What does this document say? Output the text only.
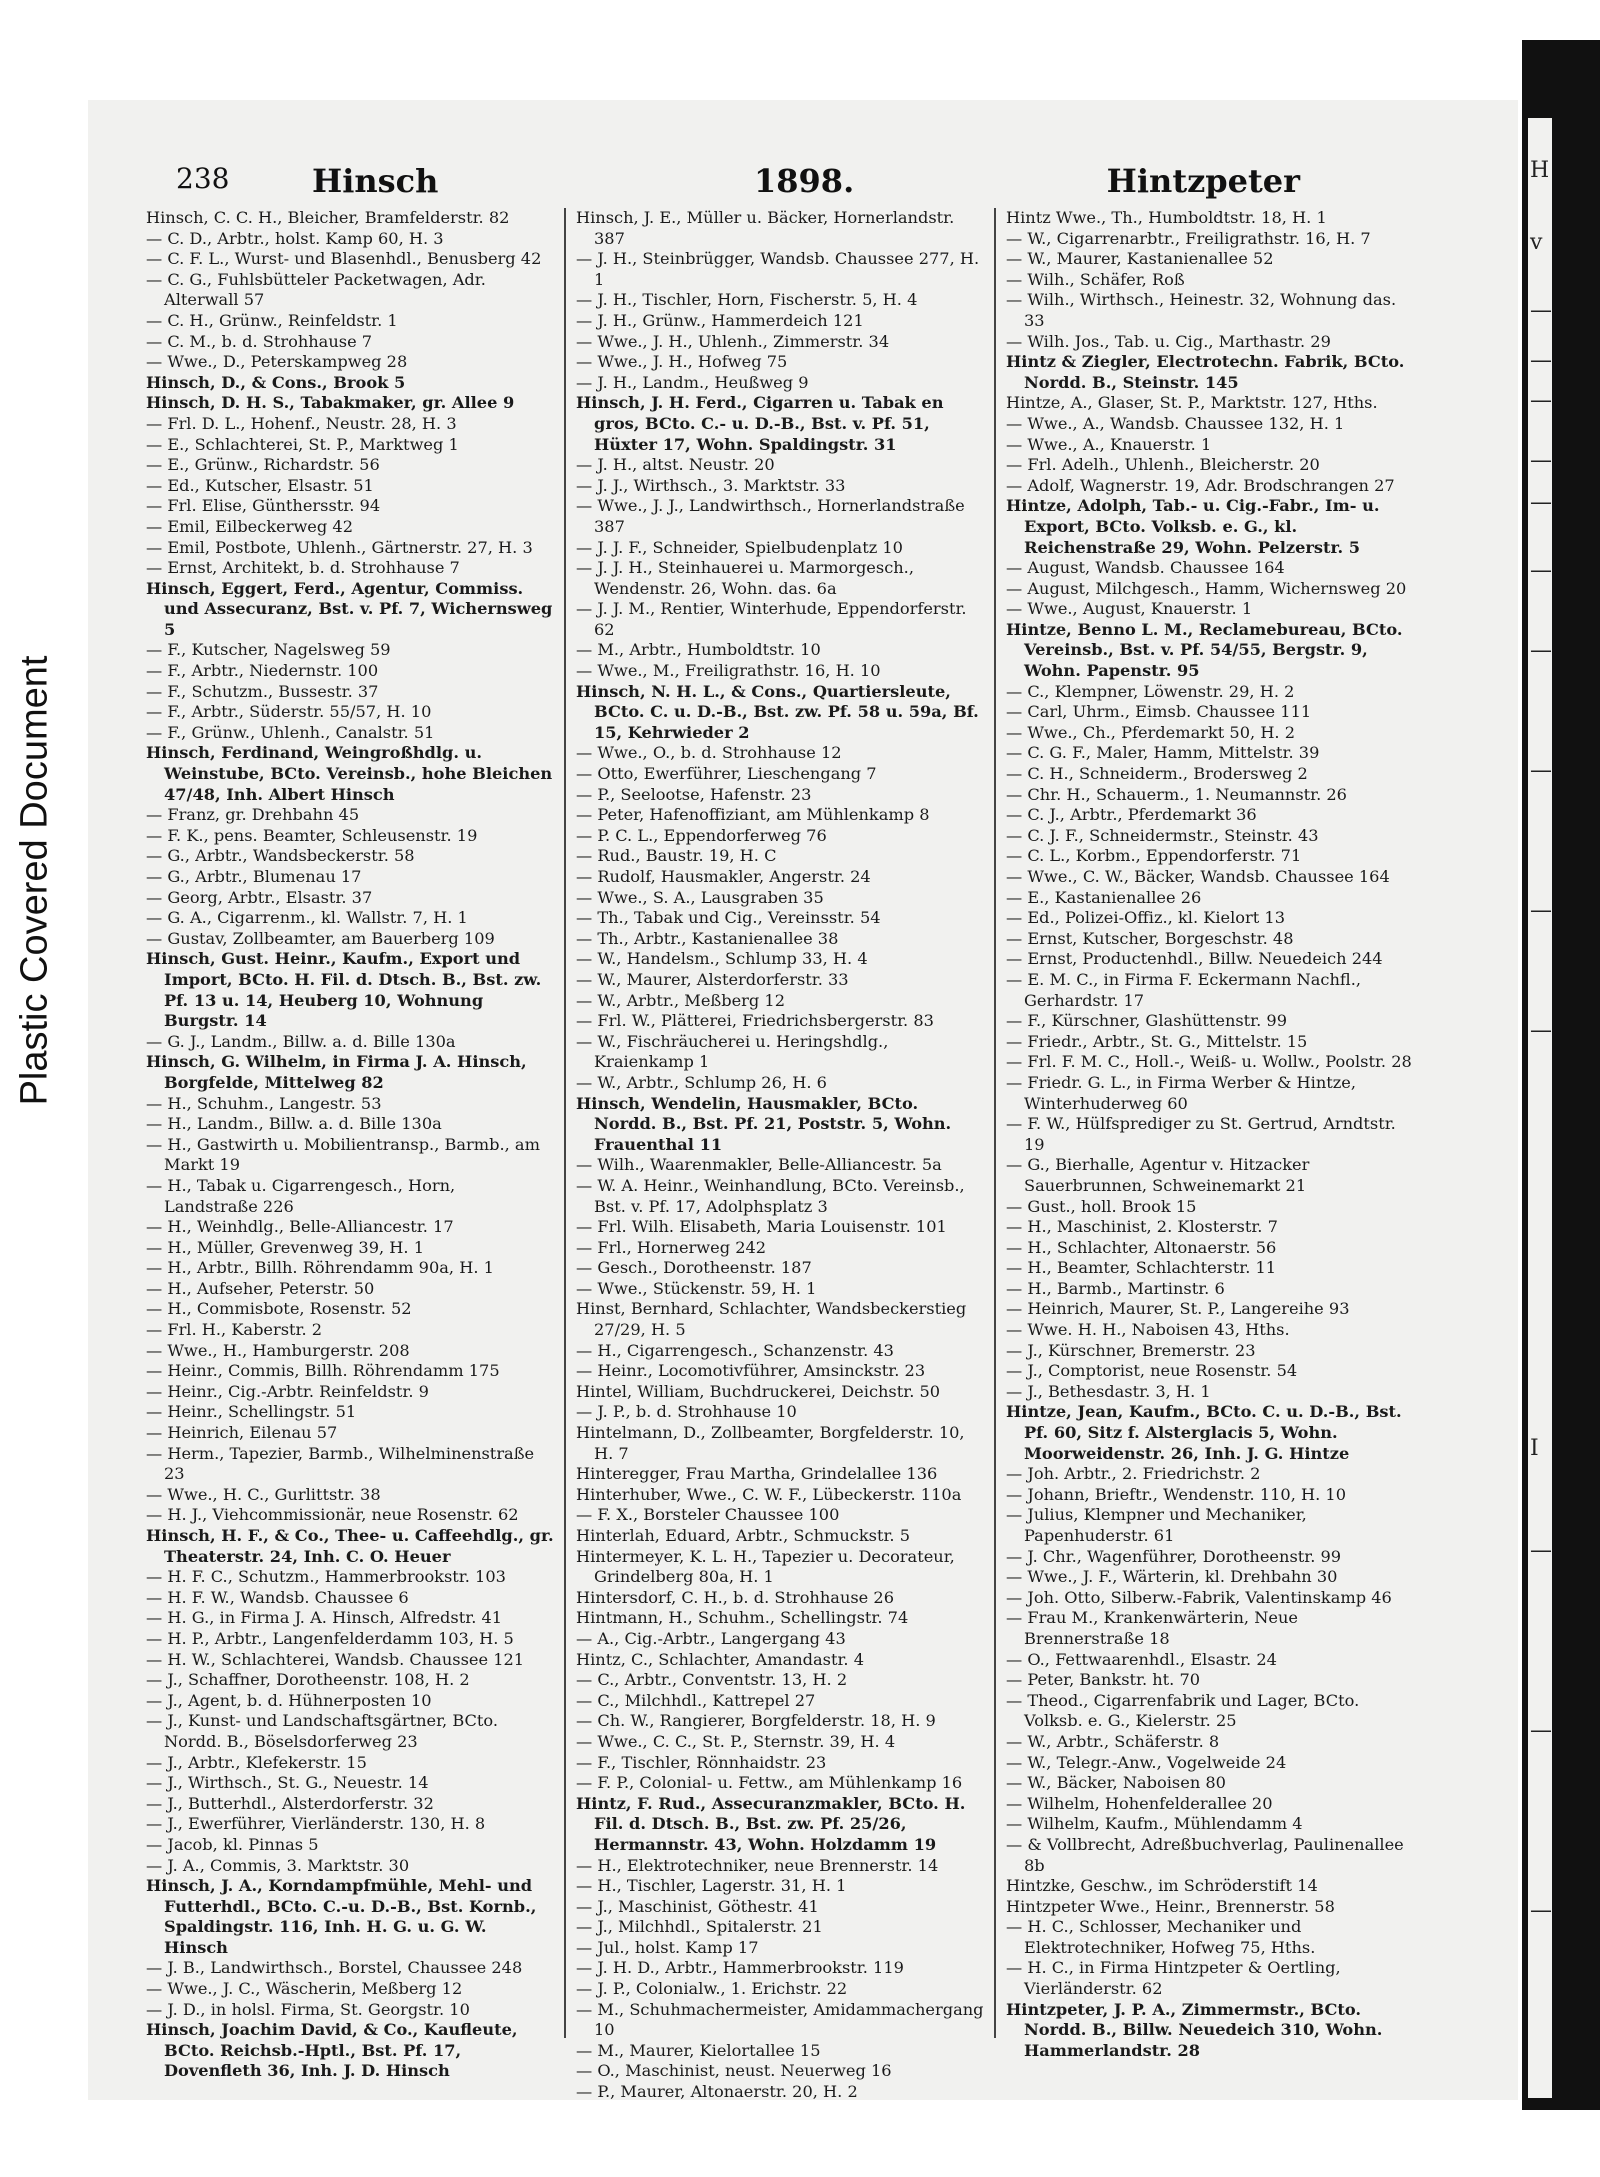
Plastic Covered Document
H
v
—
—
—
—
—
—
—
—
—
—
I
—
—
—
238	Hinsch	1898.	Hintzpeter
Hinsch, C. C. H., Bleicher, Bramfelderstr. 82
— C. D., Arbtr., holst. Kamp 60, H. 3
— C. F. L., Wurst- und Blasenhdl., Benusberg 42
— C. G., Fuhlsbütteler Packetwagen, Adr. Alterwall 57
— C. H., Grünw., Reinfeldstr. 1
— C. M., b. d. Strohhause 7
— Wwe., D., Peterskampweg 28
Hinsch, D., & Cons., Brook 5
Hinsch, D. H. S., Tabakmaker, gr. Allee 9
— Frl. D. L., Hohenf., Neustr. 28, H. 3
— E., Schlachterei, St. P., Marktweg 1
— E., Grünw., Richardstr. 56
— Ed., Kutscher, Elsastr. 51
— Frl. Elise, Günthersstr. 94
— Emil, Eilbeckerweg 42
— Emil, Postbote, Uhlenh., Gärtnerstr. 27, H. 3
— Ernst, Architekt, b. d. Strohhause 7
Hinsch, Eggert, Ferd., Agentur, Commiss. und Assecuranz, Bst. v. Pf. 7, Wichernsweg 5
— F., Kutscher, Nagelsweg 59
— F., Arbtr., Niedernstr. 100
— F., Schutzm., Bussestr. 37
— F., Arbtr., Süderstr. 55/57, H. 10
— F., Grünw., Uhlenh., Canalstr. 51
Hinsch, Ferdinand, Weingroßhdlg. u. Weinstube, BCto. Vereinsb., hohe Bleichen 47/48, Inh. Albert Hinsch
— Franz, gr. Drehbahn 45
— F. K., pens. Beamter, Schleusenstr. 19
— G., Arbtr., Wandsbeckerstr. 58
— G., Arbtr., Blumenau 17
— Georg, Arbtr., Elsastr. 37
— G. A., Cigarrenm., kl. Wallstr. 7, H. 1
— Gustav, Zollbeamter, am Bauerberg 109
Hinsch, Gust. Heinr., Kaufm., Export und Import, BCto. H. Fil. d. Dtsch. B., Bst. zw. Pf. 13 u. 14, Heuberg 10, Wohnung Burgstr. 14
— G. J., Landm., Billw. a. d. Bille 130a
Hinsch, G. Wilhelm, in Firma J. A. Hinsch, Borgfelde, Mittelweg 82
— H., Schuhm., Langestr. 53
— H., Landm., Billw. a. d. Bille 130a
— H., Gastwirth u. Mobilientransp., Barmb., am Markt 19
— H., Tabak u. Cigarrengesch., Horn, Landstraße 226
— H., Weinhdlg., Belle-Alliancestr. 17
— H., Müller, Grevenweg 39, H. 1
— H., Arbtr., Billh. Röhrendamm 90a, H. 1
— H., Aufseher, Peterstr. 50
— H., Commisbote, Rosenstr. 52
— Frl. H., Kaberstr. 2
— Wwe., H., Hamburgerstr. 208
— Heinr., Commis, Billh. Röhrendamm 175
— Heinr., Cig.-Arbtr. Reinfeldstr. 9
— Heinr., Schellingstr. 51
— Heinrich, Eilenau 57
— Herm., Tapezier, Barmb., Wilhelminenstraße 23
— Wwe., H. C., Gurlittstr. 38
— H. J., Viehcommissionär, neue Rosenstr. 62
Hinsch, H. F., & Co., Thee- u. Caffeehdlg., gr. Theaterstr. 24, Inh. C. O. Heuer
— H. F. C., Schutzm., Hammerbrookstr. 103
— H. F. W., Wandsb. Chaussee 6
— H. G., in Firma J. A. Hinsch, Alfredstr. 41
— H. P., Arbtr., Langenfelderdamm 103, H. 5
— H. W., Schlachterei, Wandsb. Chaussee 121
— J., Schaffner, Dorotheenstr. 108, H. 2
— J., Agent, b. d. Hühnerposten 10
— J., Kunst- und Landschaftsgärtner, BCto. Nordd. B., Böselsdorferweg 23
— J., Arbtr., Klefekerstr. 15
— J., Wirthsch., St. G., Neuestr. 14
— J., Butterhdl., Alsterdorferstr. 32
— J., Ewerführer, Vierländerstr. 130, H. 8
— Jacob, kl. Pinnas 5
— J. A., Commis, 3. Marktstr. 30
Hinsch, J. A., Korndampfmühle, Mehl- und Futterhdl., BCto. C.-u. D.-B., Bst. Kornb., Spaldingstr. 116, Inh. H. G. u. G. W. Hinsch
— J. B., Landwirthsch., Borstel, Chaussee 248
— Wwe., J. C., Wäscherin, Meßberg 12
— J. D., in holsl. Firma, St. Georgstr. 10
Hinsch, Joachim David, & Co., Kaufleute, BCto. Reichsb.-Hptl., Bst. Pf. 17, Dovenfleth 36, Inh. J. D. Hinsch
Hinsch, J. E., Müller u. Bäcker, Hornerlandstr. 387
— J. H., Steinbrügger, Wandsb. Chaussee 277, H. 1
— J. H., Tischler, Horn, Fischerstr. 5, H. 4
— J. H., Grünw., Hammerdeich 121
— Wwe., J. H., Uhlenh., Zimmerstr. 34
— Wwe., J. H., Hofweg 75
— J. H., Landm., Heußweg 9
Hinsch, J. H. Ferd., Cigarren u. Tabak en gros, BCto. C.- u. D.-B., Bst. v. Pf. 51, Hüxter 17, Wohn. Spaldingstr. 31
— J. H., altst. Neustr. 20
— J. J., Wirthsch., 3. Marktstr. 33
— Wwe., J. J., Landwirthsch., Hornerlandstraße 387
— J. J. F., Schneider, Spielbudenplatz 10
— J. J. H., Steinhauerei u. Marmorgesch., Wendenstr. 26, Wohn. das. 6a
— J. J. M., Rentier, Winterhude, Eppendorferstr. 62
— M., Arbtr., Humboldtstr. 10
— Wwe., M., Freiligrathstr. 16, H. 10
Hinsch, N. H. L., & Cons., Quartiersleute, BCto. C. u. D.-B., Bst. zw. Pf. 58 u. 59a, Bf. 15, Kehrwieder 2
— Wwe., O., b. d. Strohhause 12
— Otto, Ewerführer, Lieschengang 7
— P., Seelootse, Hafenstr. 23
— Peter, Hafenoffiziant, am Mühlenkamp 8
— P. C. L., Eppendorferweg 76
— Rud., Baustr. 19, H. C
— Rudolf, Hausmakler, Angerstr. 24
— Wwe., S. A., Lausgraben 35
— Th., Tabak und Cig., Vereinsstr. 54
— Th., Arbtr., Kastanienallee 38
— W., Handelsm., Schlump 33, H. 4
— W., Maurer, Alsterdorferstr. 33
— W., Arbtr., Meßberg 12
— Frl. W., Plätterei, Friedrichsbergerstr. 83
— W., Fischräucherei u. Heringshdlg., Kraienkamp 1
— W., Arbtr., Schlump 26, H. 6
Hinsch, Wendelin, Hausmakler, BCto. Nordd. B., Bst. Pf. 21, Poststr. 5, Wohn. Frauenthal 11
— Wilh., Waarenmakler, Belle-Alliancestr. 5a
— W. A. Heinr., Weinhandlung, BCto. Vereinsb., Bst. v. Pf. 17, Adolphsplatz 3
— Frl. Wilh. Elisabeth, Maria Louisenstr. 101
— Frl., Hornerweg 242
— Gesch., Dorotheenstr. 187
— Wwe., Stückenstr. 59, H. 1
Hinst, Bernhard, Schlachter, Wandsbeckerstieg 27/29, H. 5
— H., Cigarrengesch., Schanzenstr. 43
— Heinr., Locomotivführer, Amsinckstr. 23
Hintel, William, Buchdruckerei, Deichstr. 50
— J. P., b. d. Strohhause 10
Hintelmann, D., Zollbeamter, Borgfelderstr. 10, H. 7
Hinteregger, Frau Martha, Grindelallee 136
Hinterhuber, Wwe., C. W. F., Lübeckerstr. 110a
— F. X., Borsteler Chaussee 100
Hinterlah, Eduard, Arbtr., Schmuckstr. 5
Hintermeyer, K. L. H., Tapezier u. Decorateur, Grindelberg 80a, H. 1
Hintersdorf, C. H., b. d. Strohhause 26
Hintmann, H., Schuhm., Schellingstr. 74
— A., Cig.-Arbtr., Langergang 43
Hintz, C., Schlachter, Amandastr. 4
— C., Arbtr., Conventstr. 13, H. 2
— C., Milchhdl., Kattrepel 27
— Ch. W., Rangierer, Borgfelderstr. 18, H. 9
— Wwe., C. C., St. P., Sternstr. 39, H. 4
— F., Tischler, Rönnhaidstr. 23
— F. P., Colonial- u. Fettw., am Mühlenkamp 16
Hintz, F. Rud., Assecuranzmakler, BCto. H. Fil. d. Dtsch. B., Bst. zw. Pf. 25/26, Hermannstr. 43, Wohn. Holzdamm 19
— H., Elektrotechniker, neue Brennerstr. 14
— H., Tischler, Lagerstr. 31, H. 1
— J., Maschinist, Göthestr. 41
— J., Milchhdl., Spitalerstr. 21
— Jul., holst. Kamp 17
— J. H. D., Arbtr., Hammerbrookstr. 119
— J. P., Colonialw., 1. Erichstr. 22
— M., Schuhmachermeister, Amidammachergang 10
— M., Maurer, Kielortallee 15
— O., Maschinist, neust. Neuerweg 16
— P., Maurer, Altonaerstr. 20, H. 2
Hintz Wwe., Th., Humboldtstr. 18, H. 1
— W., Cigarrenarbtr., Freiligrathstr. 16, H. 7
— W., Maurer, Kastanienallee 52
— Wilh., Schäfer, Roß
— Wilh., Wirthsch., Heinestr. 32, Wohnung das. 33
— Wilh. Jos., Tab. u. Cig., Marthastr. 29
Hintz & Ziegler, Electrotechn. Fabrik, BCto. Nordd. B., Steinstr. 145
Hintze, A., Glaser, St. P., Marktstr. 127, Hths.
— Wwe., A., Wandsb. Chaussee 132, H. 1
— Wwe., A., Knauerstr. 1
— Frl. Adelh., Uhlenh., Bleicherstr. 20
— Adolf, Wagnerstr. 19, Adr. Brodschrangen 27
Hintze, Adolph, Tab.- u. Cig.-Fabr., Im- u. Export, BCto. Volksb. e. G., kl. Reichenstraße 29, Wohn. Pelzerstr. 5
— August, Wandsb. Chaussee 164
— August, Milchgesch., Hamm, Wichernsweg 20
— Wwe., August, Knauerstr. 1
Hintze, Benno L. M., Reclamebureau, BCto. Vereinsb., Bst. v. Pf. 54/55, Bergstr. 9, Wohn. Papenstr. 95
— C., Klempner, Löwenstr. 29, H. 2
— Carl, Uhrm., Eimsb. Chaussee 111
— Wwe., Ch., Pferdemarkt 50, H. 2
— C. G. F., Maler, Hamm, Mittelstr. 39
— C. H., Schneiderm., Brodersweg 2
— Chr. H., Schauerm., 1. Neumannstr. 26
— C. J., Arbtr., Pferdemarkt 36
— C. J. F., Schneidermstr., Steinstr. 43
— C. L., Korbm., Eppendorferstr. 71
— Wwe., C. W., Bäcker, Wandsb. Chaussee 164
— E., Kastanienallee 26
— Ed., Polizei-Offiz., kl. Kielort 13
— Ernst, Kutscher, Borgeschstr. 48
— Ernst, Productenhdl., Billw. Neuedeich 244
— E. M. C., in Firma F. Eckermann Nachfl., Gerhardstr. 17
— F., Kürschner, Glashüttenstr. 99
— Friedr., Arbtr., St. G., Mittelstr. 15
— Frl. F. M. C., Holl.-, Weiß- u. Wollw., Poolstr. 28
— Friedr. G. L., in Firma Werber & Hintze, Winterhuderweg 60
— F. W., Hülfsprediger zu St. Gertrud, Arndtstr. 19
— G., Bierhalle, Agentur v. Hitzacker Sauerbrunnen, Schweinemarkt 21
— Gust., holl. Brook 15
— H., Maschinist, 2. Klosterstr. 7
— H., Schlachter, Altonaerstr. 56
— H., Beamter, Schlachterstr. 11
— H., Barmb., Martinstr. 6
— Heinrich, Maurer, St. P., Langereihe 93
— Wwe. H. H., Naboisen 43, Hths.
— J., Kürschner, Bremerstr. 23
— J., Comptorist, neue Rosenstr. 54
— J., Bethesdastr. 3, H. 1
Hintze, Jean, Kaufm., BCto. C. u. D.-B., Bst. Pf. 60, Sitz f. Alsterglacis 5, Wohn. Moorweidenstr. 26, Inh. J. G. Hintze
— Joh. Arbtr., 2. Friedrichstr. 2
— Johann, Brieftr., Wendenstr. 110, H. 10
— Julius, Klempner und Mechaniker, Papenhuderstr. 61
— J. Chr., Wagenführer, Dorotheenstr. 99
— Wwe., J. F., Wärterin, kl. Drehbahn 30
— Joh. Otto, Silberw.-Fabrik, Valentinskamp 46
— Frau M., Krankenwärterin, Neue Brennerstraße 18
— O., Fettwaarenhdl., Elsastr. 24
— Peter, Bankstr. ht. 70
— Theod., Cigarrenfabrik und Lager, BCto. Volksb. e. G., Kielerstr. 25
— W., Arbtr., Schäferstr. 8
— W., Telegr.-Anw., Vogelweide 24
— W., Bäcker, Naboisen 80
— Wilhelm, Hohenfelderallee 20
— Wilhelm, Kaufm., Mühlendamm 4
— & Vollbrecht, Adreßbuchverlag, Paulinenallee 8b
Hintzke, Geschw., im Schröderstift 14
Hintzpeter Wwe., Heinr., Brennerstr. 58
— H. C., Schlosser, Mechaniker und Elektrotechniker, Hofweg 75, Hths.
— H. C., in Firma Hintzpeter & Oertling, Vierländerstr. 62
Hintzpeter, J. P. A., Zimmermstr., BCto. Nordd. B., Billw. Neuedeich 310, Wohn. Hammerlandstr. 28
